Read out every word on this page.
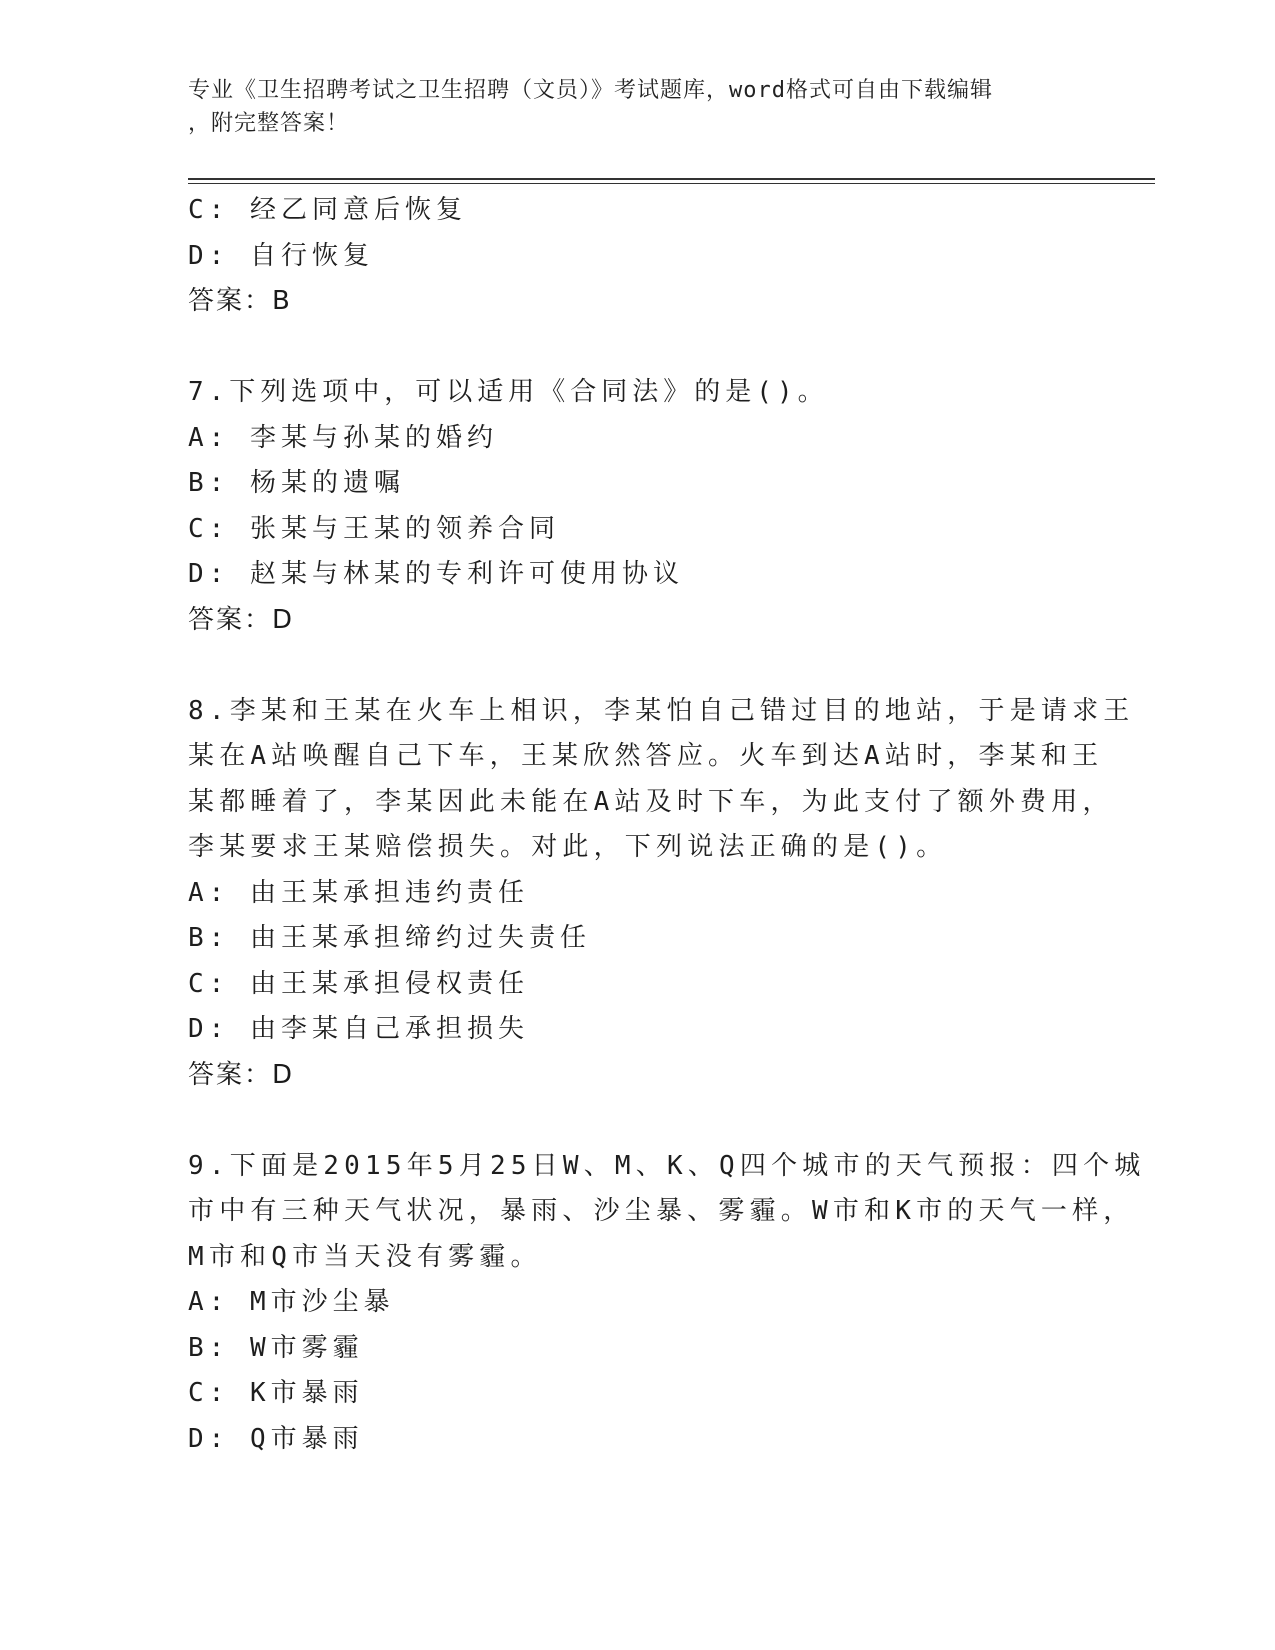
专业《卫生招聘考试之卫生招聘（文员）》考试题库，word格式可自由下载编辑
，附完整答案！
C: 经乙同意后恢复
D: 自行恢复
答案：B
7.下列选项中，可以适用《合同法》的是()。
A: 李某与孙某的婚约
B: 杨某的遗嘱
C: 张某与王某的领养合同
D: 赵某与林某的专利许可使用协议
答案：D
8.李某和王某在火车上相识，李某怕自己错过目的地站，于是请求王
某在A站唤醒自己下车，王某欣然答应。火车到达A站时，李某和王
某都睡着了，李某因此未能在A站及时下车，为此支付了额外费用，
李某要求王某赔偿损失。对此，下列说法正确的是()。
A: 由王某承担违约责任
B: 由王某承担缔约过失责任
C: 由王某承担侵权责任
D: 由李某自己承担损失
答案：D
9.下面是2015年5月25日W、M、K、Q四个城市的天气预报：四个城
市中有三种天气状况，暴雨、沙尘暴、雾霾。W市和K市的天气一样，
M市和Q市当天没有雾霾。
A: M市沙尘暴
B: W市雾霾
C: K市暴雨
D: Q市暴雨
